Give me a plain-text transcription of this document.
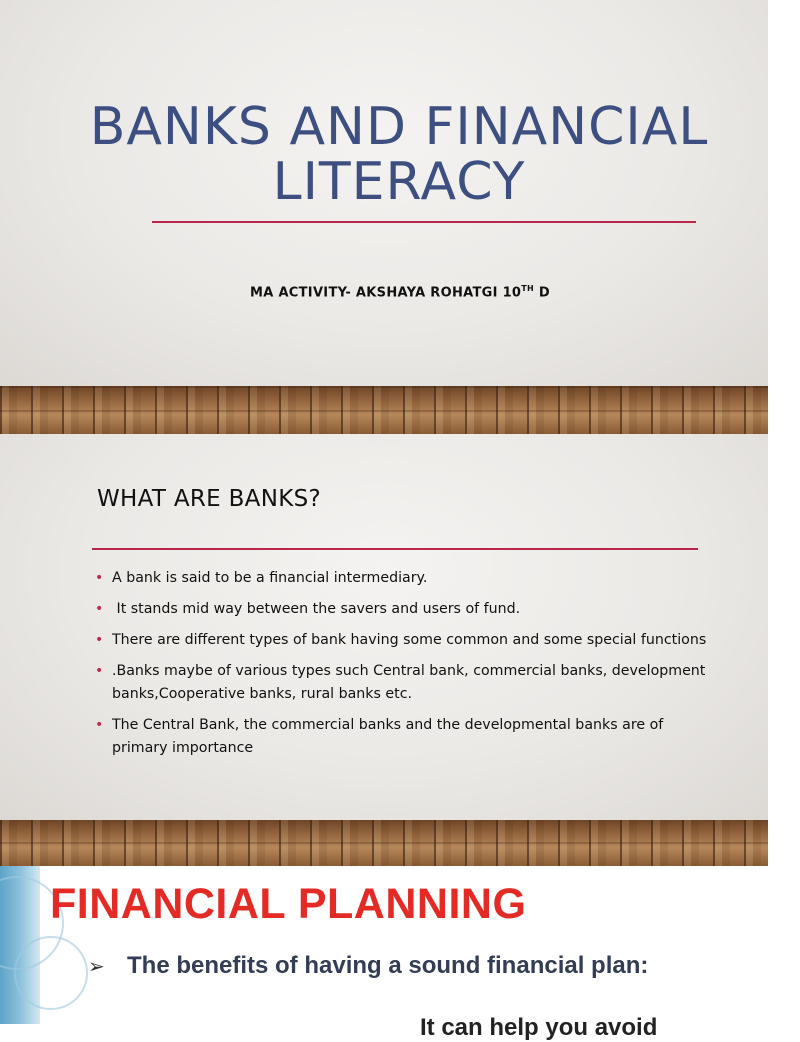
BANKS AND FINANCIAL LITERACY
MA ACTIVITY- AKSHAYA ROHATGI 10TH D
WHAT ARE BANKS?
• A bank is said to be a financial intermediary.
• It stands mid way between the savers and users of fund.
• There are different types of bank having some common and some special functions
• .Banks maybe of various types such Central bank, commercial banks, development banks,Cooperative banks, rural banks etc.
• The Central Bank, the commercial banks and the developmental banks are of primary importance
FINANCIAL PLANNING
➢ The benefits of having a sound financial plan:
It can help you avoid
